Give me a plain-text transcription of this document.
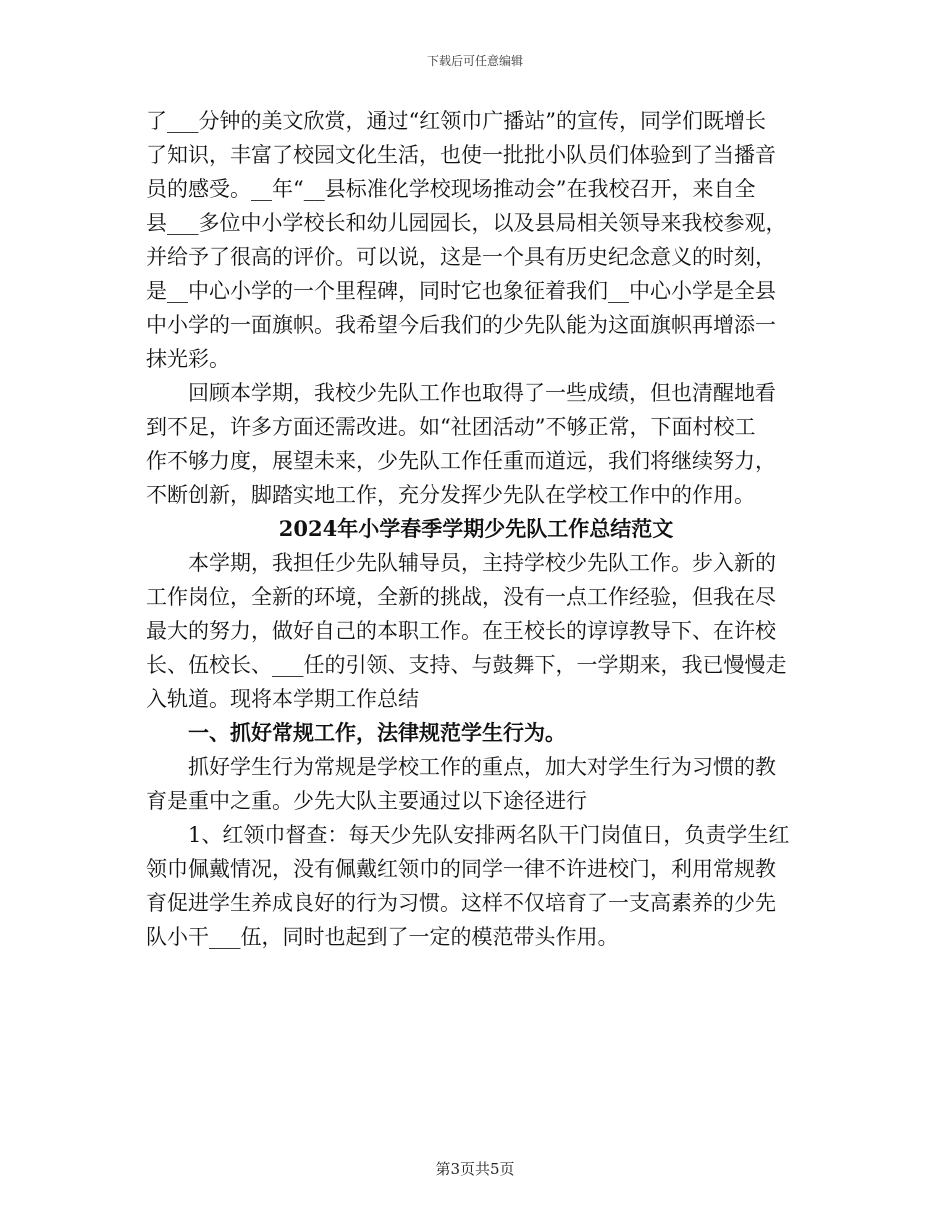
下载后可任意编辑
了___分钟的美文欣赏，通过“红领巾广播站”的宣传，同学们既增长
了知识，丰富了校园文化生活，也使一批批小队员们体验到了当播音
员的感受。__年“__县标准化学校现场推动会”在我校召开，来自全
县___多位中小学校长和幼儿园园长，以及县局相关领导来我校参观，
并给予了很高的评价。可以说，这是一个具有历史纪念意义的时刻，
是__中心小学的一个里程碑，同时它也象征着我们__中心小学是全县
中小学的一面旗帜。我希望今后我们的少先队能为这面旗帜再增添一
抹光彩。
回顾本学期，我校少先队工作也取得了一些成绩，但也清醒地看
到不足，许多方面还需改进。如“社团活动”不够正常，下面村校工
作不够力度，展望未来，少先队工作任重而道远，我们将继续努力，
不断创新，脚踏实地工作，充分发挥少先队在学校工作中的作用。
2024年小学春季学期少先队工作总结范文
本学期，我担任少先队辅导员，主持学校少先队工作。步入新的
工作岗位，全新的环境，全新的挑战，没有一点工作经验，但我在尽
最大的努力，做好自己的本职工作。在王校长的谆谆教导下、在许校
长、伍校长、___任的引领、支持、与鼓舞下，一学期来，我已慢慢走
入轨道。现将本学期工作总结
一、抓好常规工作，法律规范学生行为。
抓好学生行为常规是学校工作的重点，加大对学生行为习惯的教
育是重中之重。少先大队主要通过以下途径进行
1、红领巾督查：每天少先队安排两名队干门岗值日，负责学生红
领巾佩戴情况，没有佩戴红领巾的同学一律不许进校门，利用常规教
育促进学生养成良好的行为习惯。这样不仅培育了一支高素养的少先
队小干___伍，同时也起到了一定的模范带头作用。
第3页共5页
